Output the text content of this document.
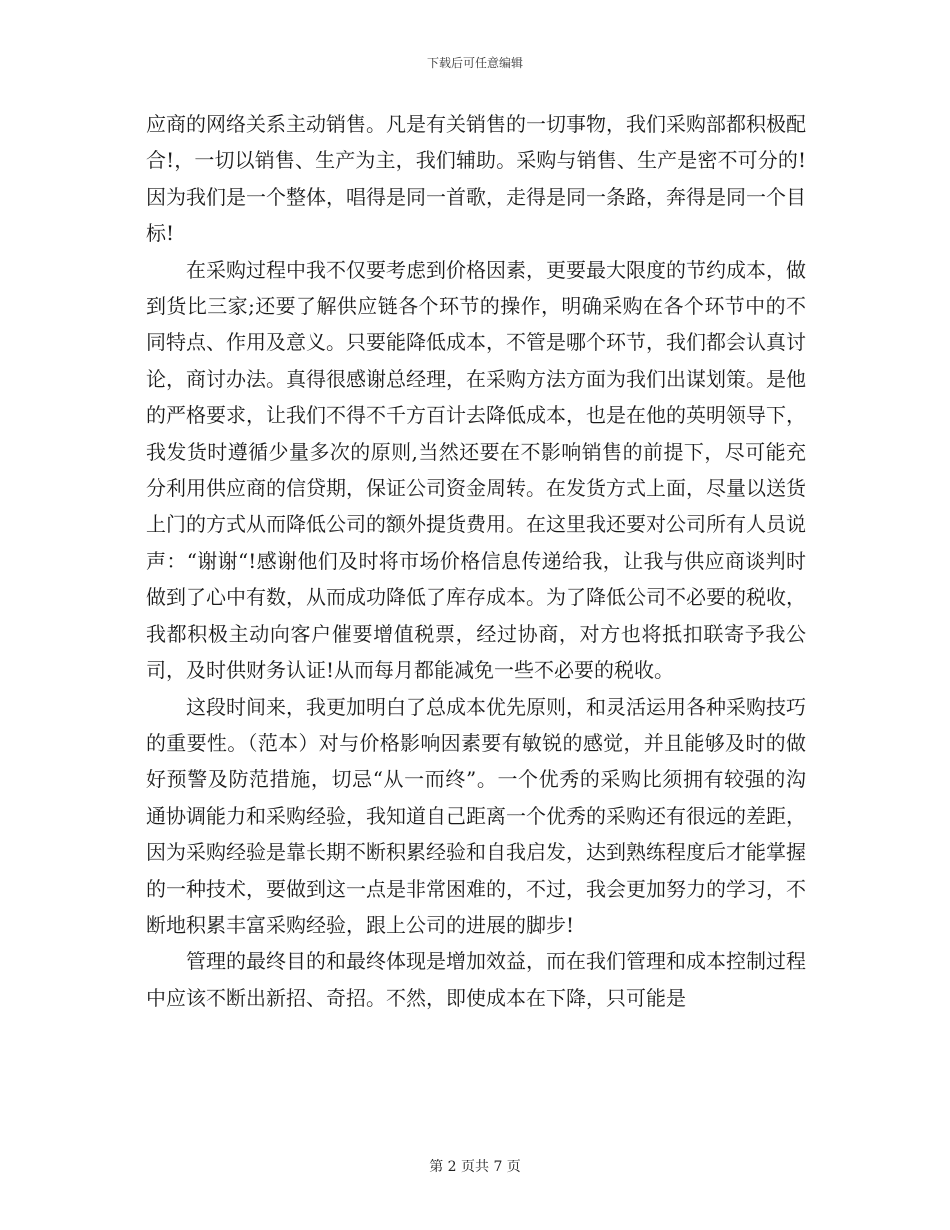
下载后可任意编辑

应商的网络关系主动销售。凡是有关销售的一切事物，我们采购部都积极配合!，一切以销售、生产为主，我们辅助。采购与销售、生产是密不可分的!因为我们是一个整体，唱得是同一首歌，走得是同一条路，奔得是同一个目标!

在采购过程中我不仅要考虑到价格因素，更要最大限度的节约成本，做到货比三家;还要了解供应链各个环节的操作，明确采购在各个环节中的不同特点、作用及意义。只要能降低成本，不管是哪个环节，我们都会认真讨论，商讨办法。真得很感谢总经理，在采购方法方面为我们出谋划策。是他的严格要求，让我们不得不千方百计去降低成本，也是在他的英明领导下，我发货时遵循少量多次的原则,当然还要在不影响销售的前提下，尽可能充分利用供应商的信贷期，保证公司资金周转。在发货方式上面，尽量以送货上门的方式从而降低公司的额外提货费用。在这里我还要对公司所有人员说声：“谢谢“!感谢他们及时将市场价格信息传递给我，让我与供应商谈判时做到了心中有数，从而成功降低了库存成本。为了降低公司不必要的税收，我都积极主动向客户催要增值税票，经过协商，对方也将抵扣联寄予我公司，及时供财务认证!从而每月都能减免一些不必要的税收。

这段时间来，我更加明白了总成本优先原则，和灵活运用各种采购技巧的重要性。（范本）对与价格影响因素要有敏锐的感觉，并且能够及时的做好预警及防范措施，切忌“从一而终”。一个优秀的采购比须拥有较强的沟通协调能力和采购经验，我知道自己距离一个优秀的采购还有很远的差距，因为采购经验是靠长期不断积累经验和自我启发，达到熟练程度后才能掌握的一种技术，要做到这一点是非常困难的，不过，我会更加努力的学习，不断地积累丰富采购经验，跟上公司的进展的脚步!

管理的最终目的和最终体现是增加效益，而在我们管理和成本控制过程中应该不断出新招、奇招。不然，即使成本在下降，只可能是

第 2 页共 7 页
